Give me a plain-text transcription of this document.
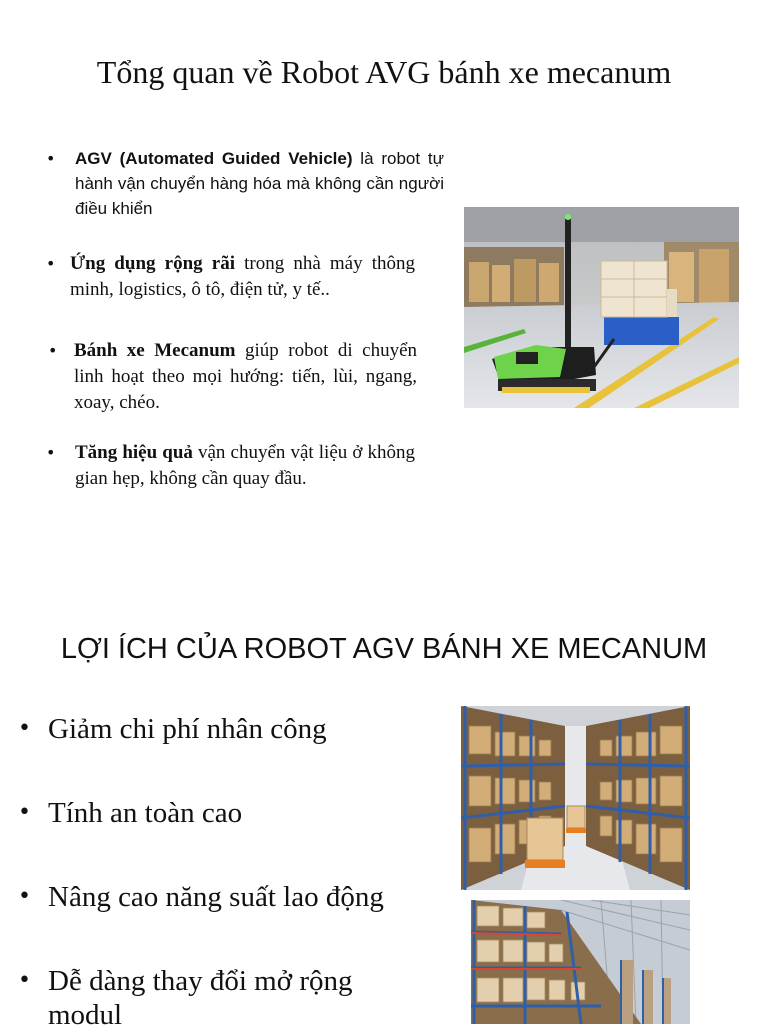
Tổng quan về Robot AVG bánh xe mecanum
• AGV (Automated Guided Vehicle) là robot tự hành vận chuyển hàng hóa mà không cần người điều khiển
• Ứng dụng rộng rãi trong nhà máy thông minh, logistics, ô tô, điện tử, y tế..
• Bánh xe Mecanum giúp robot di chuyển linh hoạt theo mọi hướng: tiến, lùi, ngang, xoay, chéo.
• Tăng hiệu quả vận chuyển vật liệu ở không gian hẹp, không cần quay đầu.
LỢI ÍCH CỦA ROBOT AGV BÁNH XE MECANUM
• Giảm chi phí nhân công
• Tính an toàn cao
• Nâng cao năng suất lao động
• Dễ dàng thay đổi mở rộng modul
